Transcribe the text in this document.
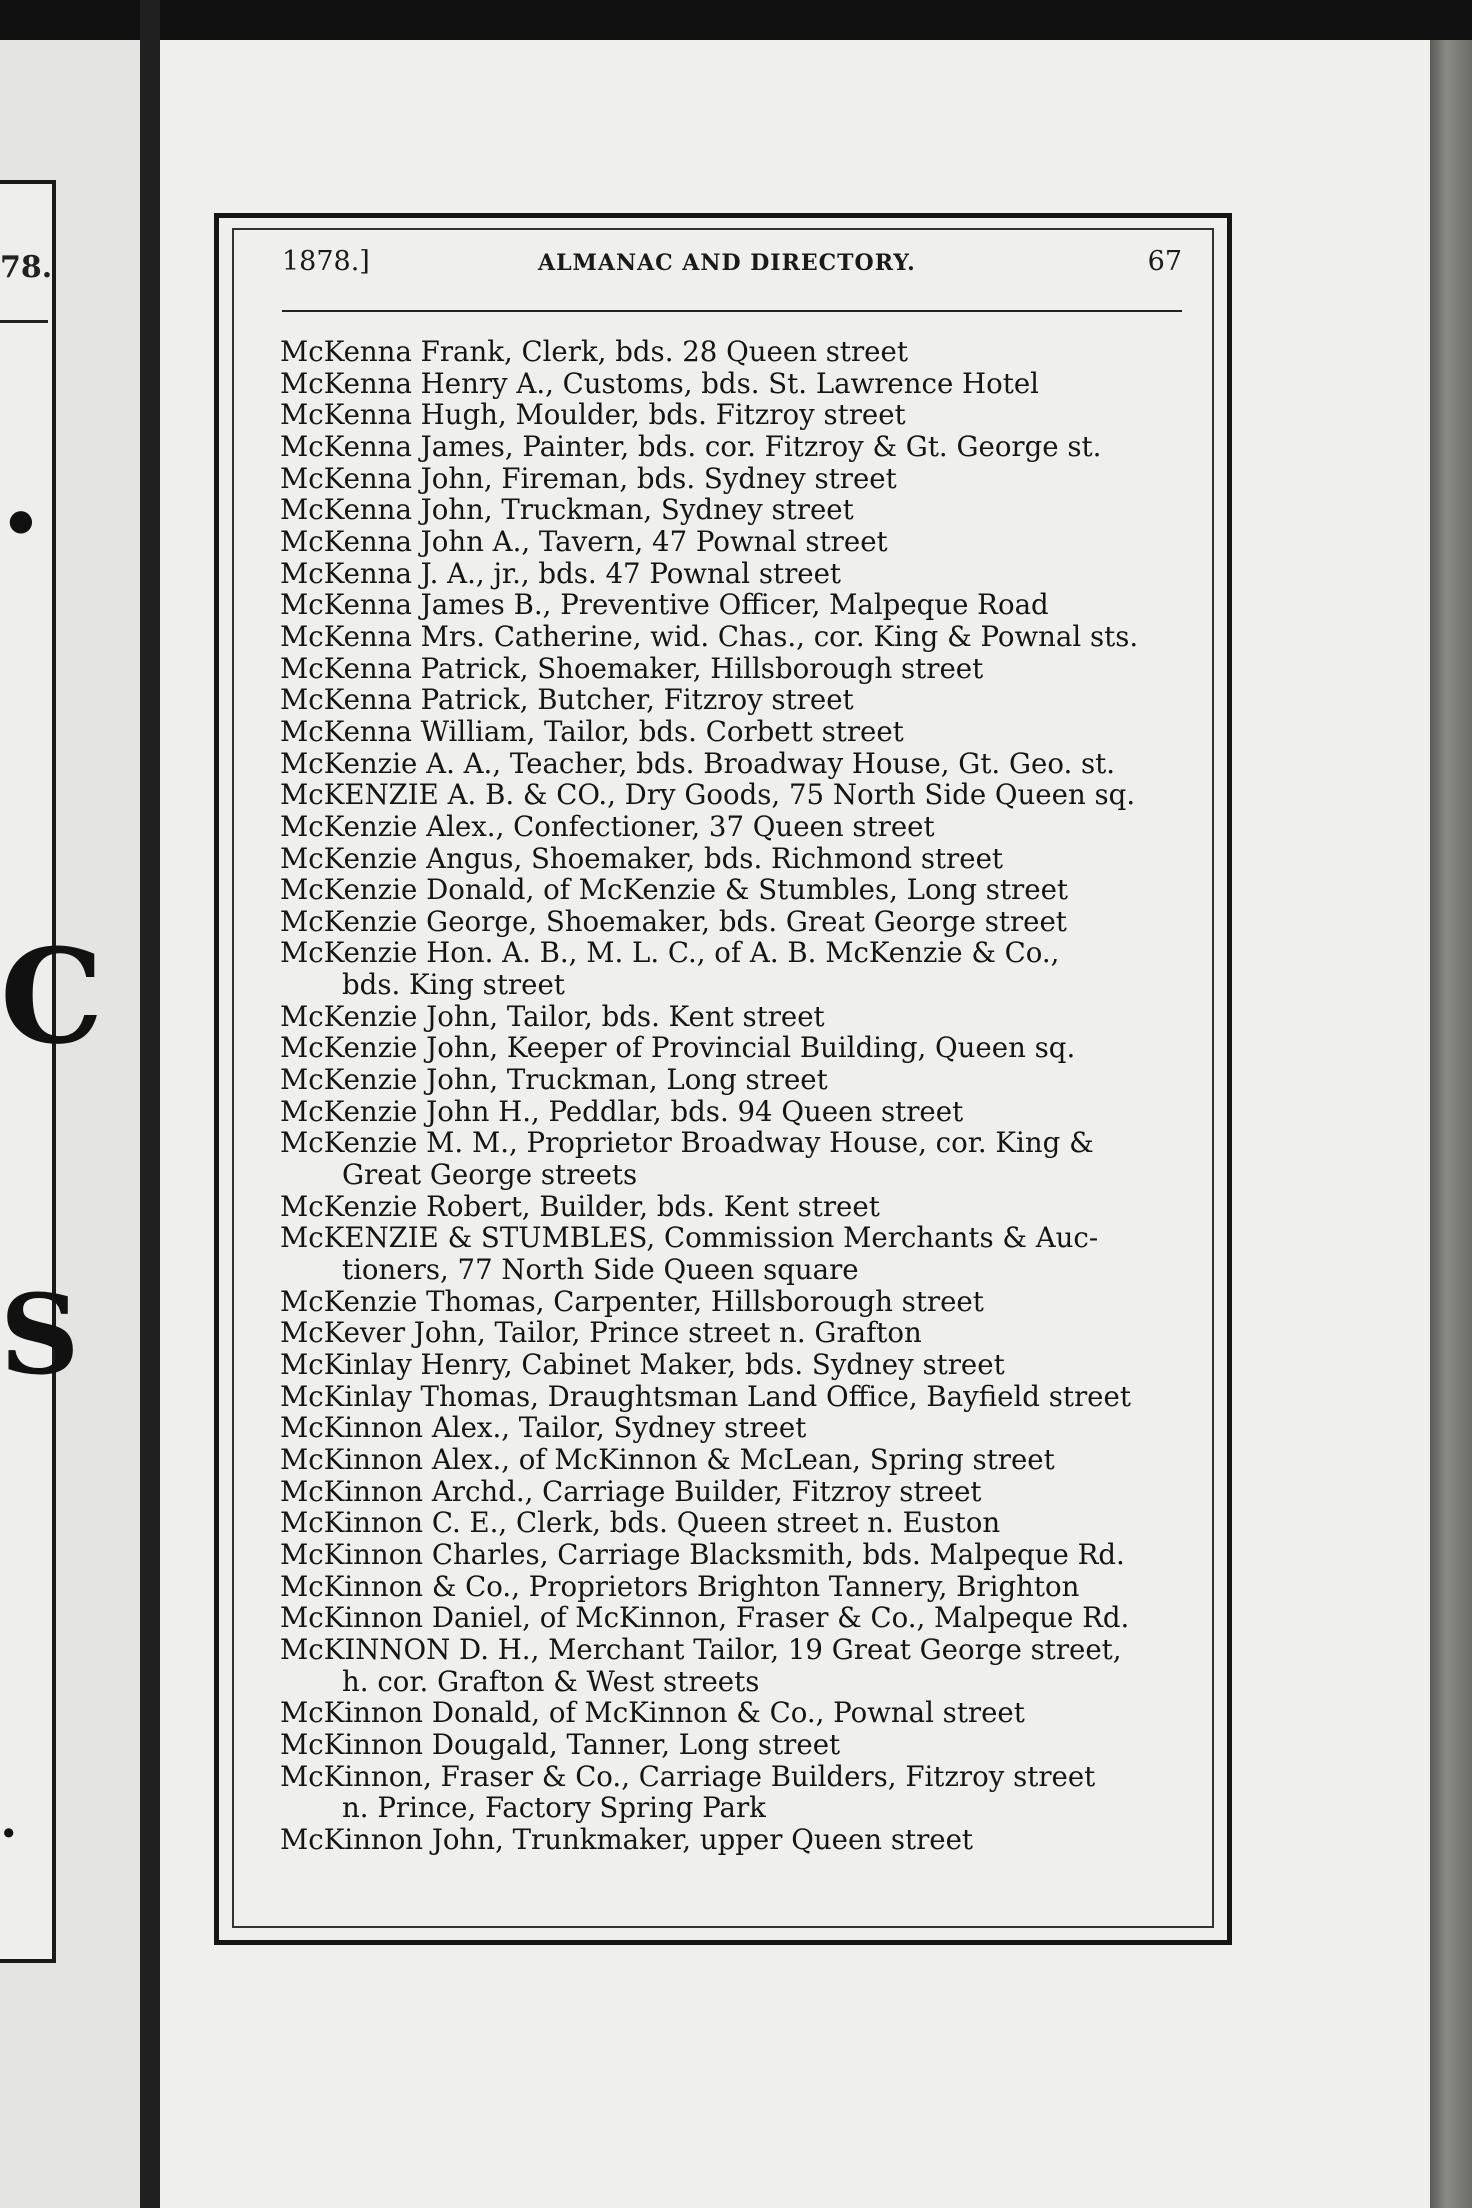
78.
.
C
S
.
1878.]	ALMANAC AND DIRECTORY.	67
McKenna Frank, Clerk, bds. 28 Queen street
McKenna Henry A., Customs, bds. St. Lawrence Hotel
McKenna Hugh, Moulder, bds. Fitzroy street
McKenna James, Painter, bds. cor. Fitzroy & Gt. George st.
McKenna John, Fireman, bds. Sydney street
McKenna John, Truckman, Sydney street
McKenna John A., Tavern, 47 Pownal street
McKenna J. A., jr., bds. 47 Pownal street
McKenna James B., Preventive Officer, Malpeque Road
McKenna Mrs. Catherine, wid. Chas., cor. King & Pownal sts.
McKenna Patrick, Shoemaker, Hillsborough street
McKenna Patrick, Butcher, Fitzroy street
McKenna William, Tailor, bds. Corbett street
McKenzie A. A., Teacher, bds. Broadway House, Gt. Geo. st.
McKENZIE A. B. & CO., Dry Goods, 75 North Side Queen sq.
McKenzie Alex., Confectioner, 37 Queen street
McKenzie Angus, Shoemaker, bds. Richmond street
McKenzie Donald, of McKenzie & Stumbles, Long street
McKenzie George, Shoemaker, bds. Great George street
McKenzie Hon. A. B., M. L. C., of A. B. McKenzie & Co.,
bds. King street
McKenzie John, Tailor, bds. Kent street
McKenzie John, Keeper of Provincial Building, Queen sq.
McKenzie John, Truckman, Long street
McKenzie John H., Peddlar, bds. 94 Queen street
McKenzie M. M., Proprietor Broadway House, cor. King &
Great George streets
McKenzie Robert, Builder, bds. Kent street
McKENZIE & STUMBLES, Commission Merchants & Auc-
tioners, 77 North Side Queen square
McKenzie Thomas, Carpenter, Hillsborough street
McKever John, Tailor, Prince street n. Grafton
McKinlay Henry, Cabinet Maker, bds. Sydney street
McKinlay Thomas, Draughtsman Land Office, Bayfield street
McKinnon Alex., Tailor, Sydney street
McKinnon Alex., of McKinnon & McLean, Spring street
McKinnon Archd., Carriage Builder, Fitzroy street
McKinnon C. E., Clerk, bds. Queen street n. Euston
McKinnon Charles, Carriage Blacksmith, bds. Malpeque Rd.
McKinnon & Co., Proprietors Brighton Tannery, Brighton
McKinnon Daniel, of McKinnon, Fraser & Co., Malpeque Rd.
McKINNON D. H., Merchant Tailor, 19 Great George street,
h. cor. Grafton & West streets
McKinnon Donald, of McKinnon & Co., Pownal street
McKinnon Dougald, Tanner, Long street
McKinnon, Fraser & Co., Carriage Builders, Fitzroy street
n. Prince, Factory Spring Park
McKinnon John, Trunkmaker, upper Queen street
